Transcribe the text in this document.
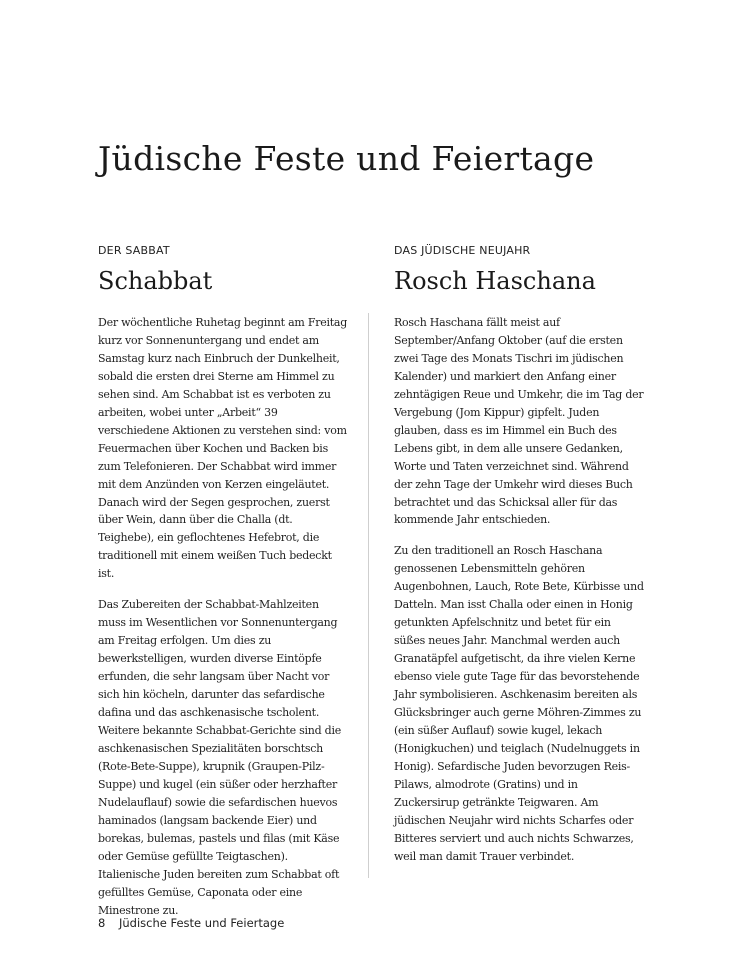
Jüdische Feste und Feiertage

DER SABBAT

Schabbat

Der wöchentliche Ruhetag beginnt am Freitag kurz vor Sonnenuntergang und endet am Samstag kurz nach Einbruch der Dunkelheit, sobald die ersten drei Sterne am Himmel zu sehen sind. Am Schabbat ist es verboten zu arbeiten, wobei unter „Arbeit“ 39 verschiedene Aktionen zu verstehen sind: vom Feuermachen über Kochen und Backen bis zum Telefonieren. Der Schabbat wird immer mit dem Anzünden von Kerzen eingeläutet. Danach wird der Segen gesprochen, zuerst über Wein, dann über die Challa (dt. Teighebe), ein geflochtenes Hefebrot, die traditionell mit einem weißen Tuch bedeckt ist.

Das Zubereiten der Schabbat-Mahlzeiten muss im Wesentlichen vor Sonnenuntergang am Freitag erfolgen. Um dies zu bewerkstelligen, wurden diverse Eintöpfe erfunden, die sehr langsam über Nacht vor sich hin köcheln, darunter das sefardische dafina und das aschkenasische tscholent. Weitere bekannte Schabbat-Gerichte sind die aschkenasischen Spezialitäten borschtsch (Rote-Bete-Suppe), krupnik (Graupen-Pilz-Suppe) und kugel (ein süßer oder herzhafter Nudelauflauf) sowie die sefardischen huevos haminados (langsam backende Eier) und borekas, bulemas, pastels und filas (mit Käse oder Gemüse gefüllte Teigtaschen). Italienische Juden bereiten zum Schabbat oft gefülltes Gemüse, Caponata oder eine Minestrone zu.

DAS JÜDISCHE NEUJAHR

Rosch Haschana

Rosch Haschana fällt meist auf September/Anfang Oktober (auf die ersten zwei Tage des Monats Tischri im jüdischen Kalender) und markiert den Anfang einer zehntägigen Reue und Umkehr, die im Tag der Vergebung (Jom Kippur) gipfelt. Juden glauben, dass es im Himmel ein Buch des Lebens gibt, in dem alle unsere Gedanken, Worte und Taten verzeichnet sind. Während der zehn Tage der Umkehr wird dieses Buch betrachtet und das Schicksal aller für das kommende Jahr entschieden.

Zu den traditionell an Rosch Haschana genossenen Lebensmitteln gehören Augenbohnen, Lauch, Rote Bete, Kürbisse und Datteln. Man isst Challa oder einen in Honig getunkten Apfelschnitz und betet für ein süßes neues Jahr. Manchmal werden auch Granatäpfel aufgetischt, da ihre vielen Kerne ebenso viele gute Tage für das bevorstehende Jahr symbolisieren. Aschkenasim bereiten als Glücksbringer auch gerne Möhren-Zimmes zu (ein süßer Auflauf) sowie kugel, lekach (Honigkuchen) und teiglach (Nudelnuggets in Honig). Sefardische Juden bevorzugen Reis-Pilaws, almodrote (Gratins) und in Zuckersirup getränkte Teigwaren. Am jüdischen Neujahr wird nichts Scharfes oder Bitteres serviert und auch nichts Schwarzes, weil man damit Trauer verbindet.

8 Jüdische Feste und Feiertage
